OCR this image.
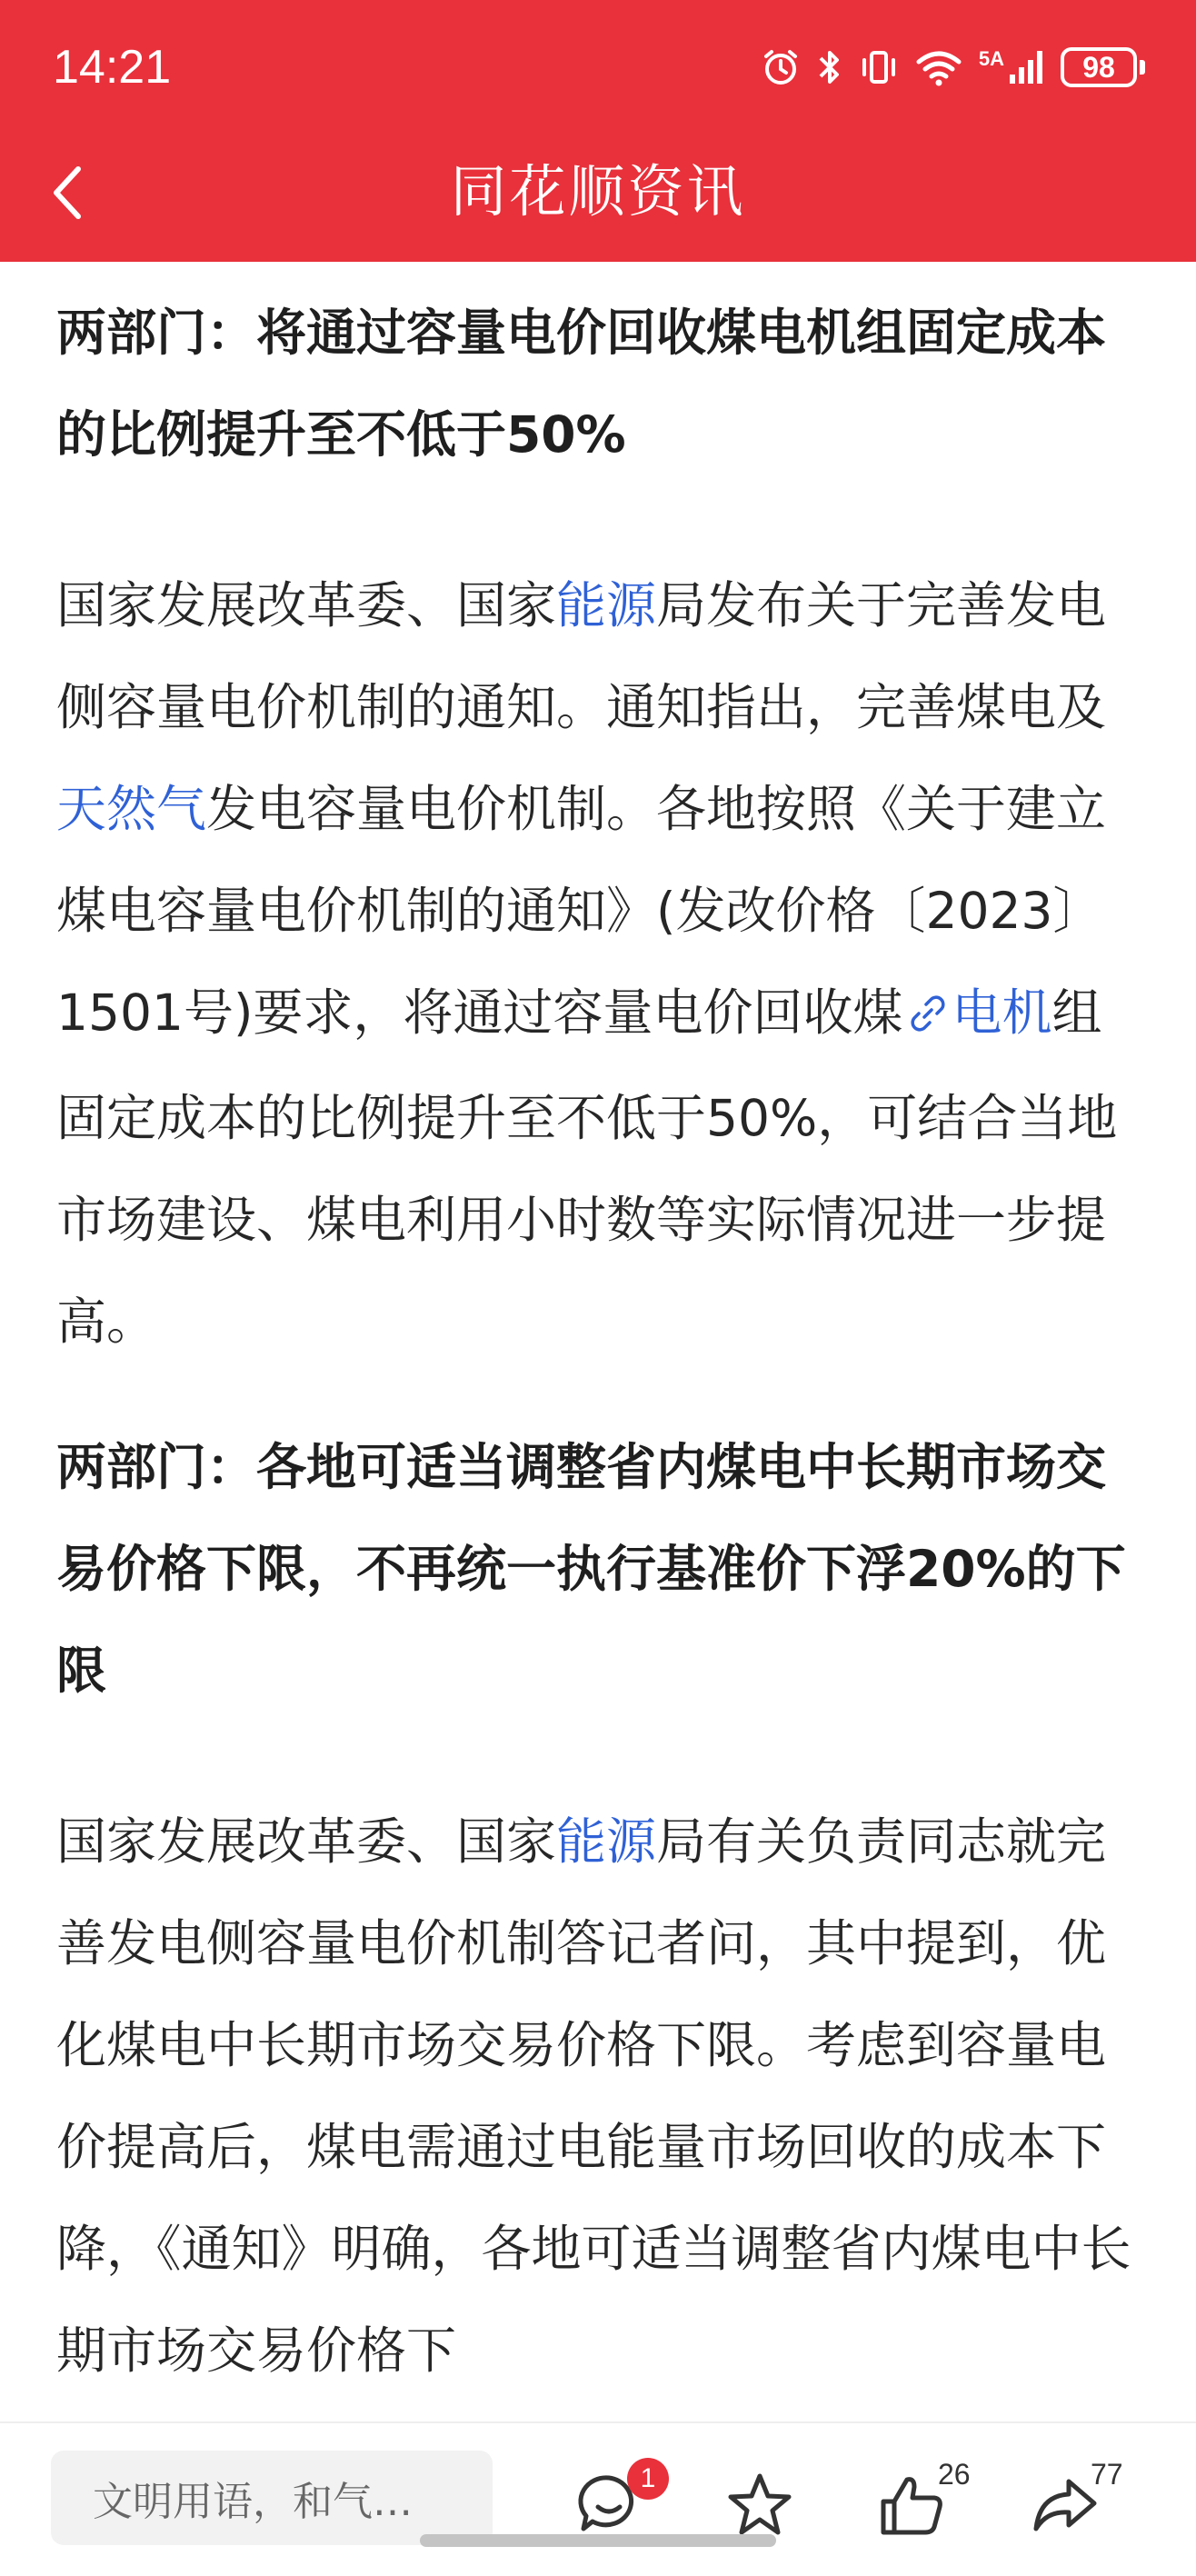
14:21	5A	98
同花顺资讯
两部门：将通过容量电价回收煤电机组固定成本的比例提升至不低于50%

国家发展改革委、国家能源局发布关于完善发电侧容量电价机制的通知。通知指出，完善煤电及天然气发电容量电价机制。各地按照《关于建立煤电容量电价机制的通知》(发改价格〔2023〕1501号)要求，将通过容量电价回收煤 电机组固定成本的比例提升至不低于50%，可结合当地市场建设、煤电利用小时数等实际情况进一步提高。

两部门：各地可适当调整省内煤电中长期市场交易价格下限，不再统一执行基准价下浮20%的下限

国家发展改革委、国家能源局有关负责同志就完善发电侧容量电价机制答记者问，其中提到，优化煤电中长期市场交易价格下限。考虑到容量电价提高后，煤电需通过电能量市场回收的成本下降，《通知》明确，各地可适当调整省内煤电中长期市场交易价格下

文明用语，和气…
1	26	77
